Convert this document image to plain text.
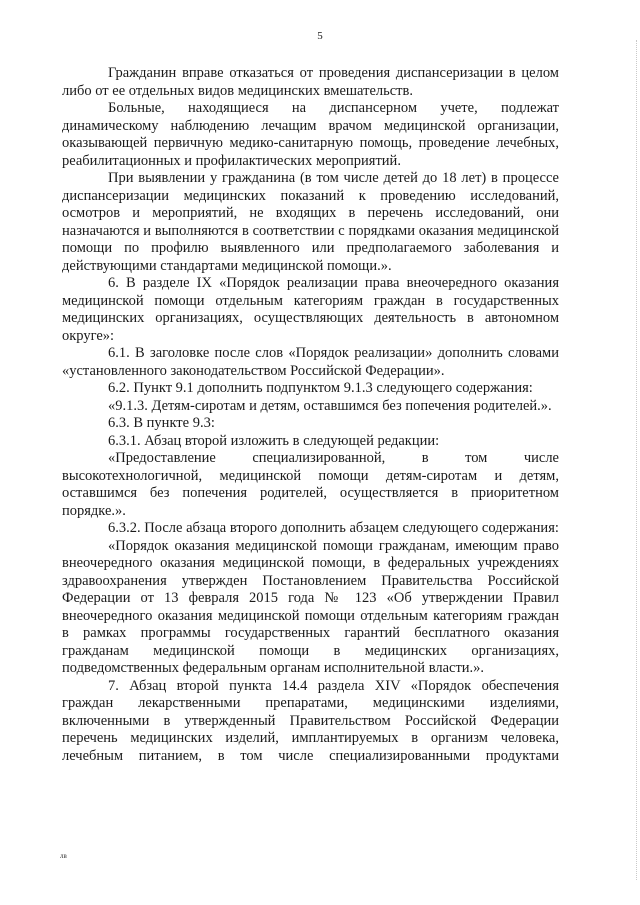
5

Гражданин вправе отказаться от проведения диспансеризации в целом либо от ее отдельных видов медицинских вмешательств.

Больные, находящиеся на диспансерном учете, подлежат динамическому наблюдению лечащим врачом медицинской организации, оказывающей первичную медико-санитарную помощь, проведение лечебных, реабилитационных и профилактических мероприятий.

При выявлении у гражданина (в том числе детей до 18 лет) в процессе диспансеризации медицинских показаний к проведению исследований, осмотров и мероприятий, не входящих в перечень исследований, они назначаются и выполняются в соответствии с порядками оказания медицинской помощи по профилю выявленного или предполагаемого заболевания и действующими стандартами медицинской помощи.».

6. В разделе IX «Порядок реализации права внеочередного оказания медицинской помощи отдельным категориям граждан в государственных медицинских организациях, осуществляющих деятельность в автономном округе»:

6.1. В заголовке после слов «Порядок реализации» дополнить словами «установленного законодательством Российской Федерации».

6.2. Пункт 9.1 дополнить подпунктом 9.1.3 следующего содержания:

«9.1.3. Детям-сиротам и детям, оставшимся без попечения родителей.».

6.3. В пункте 9.3:

6.3.1. Абзац второй изложить в следующей редакции:

«Предоставление специализированной, в том числе высокотехнологичной, медицинской помощи детям-сиротам и детям, оставшимся без попечения родителей, осуществляется в приоритетном порядке.».

6.3.2. После абзаца второго дополнить абзацем следующего содержания:

«Порядок оказания медицинской помощи гражданам, имеющим право внеочередного оказания медицинской помощи, в федеральных учреждениях здравоохранения утвержден Постановлением Правительства Российской Федерации от 13 февраля 2015 года № 123 «Об утверждении Правил внеочередного оказания медицинской помощи отдельным категориям граждан в рамках программы государственных гарантий бесплатного оказания гражданам медицинской помощи в медицинских организациях, подведомственных федеральным органам исполнительной власти.».

7. Абзац второй пункта 14.4 раздела XIV «Порядок обеспечения граждан лекарственными препаратами, медицинскими изделиями, включенными в утвержденный Правительством Российской Федерации перечень медицинских изделий, имплантируемых в организм человека, лечебным питанием, в том числе специализированными продуктами

лв
